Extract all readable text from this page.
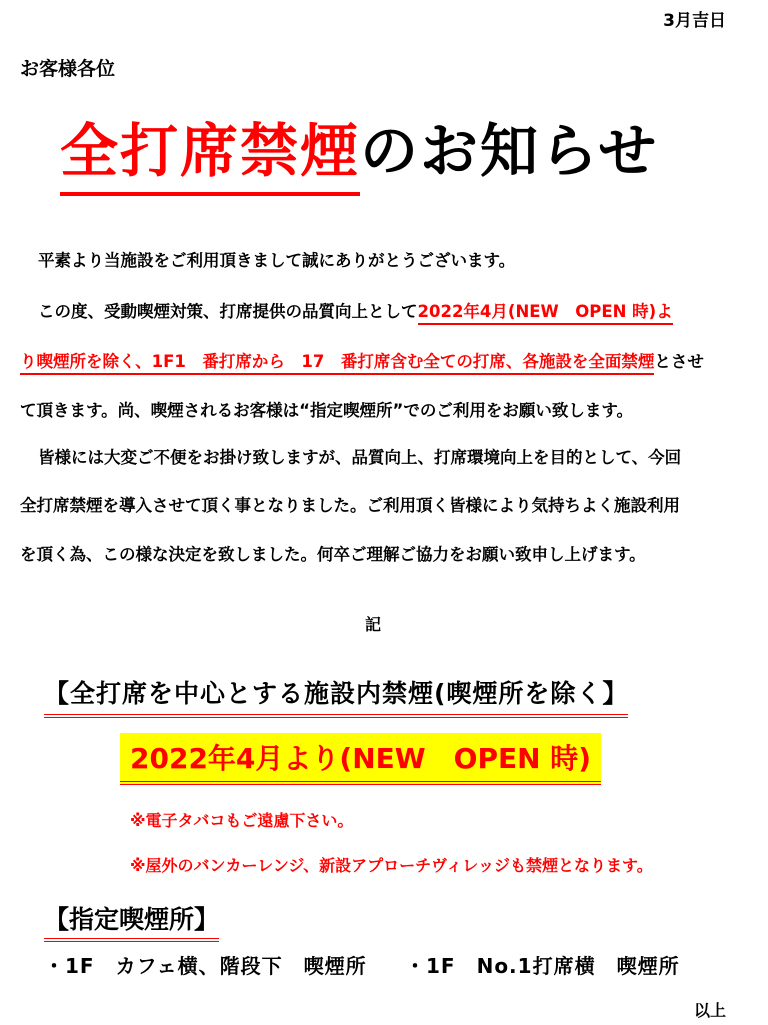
3月吉日
お客様各位
全打席禁煙のお知らせ
平素より当施設をご利用頂きまして誠にありがとうございます。
この度、受動喫煙対策、打席提供の品質向上として2022年4月(NEW　OPEN 時)よ
り喫煙所を除く、1F1　番打席から　17　番打席含む全ての打席、各施設を全面禁煙とさせ
て頂きます。尚、喫煙されるお客様は“指定喫煙所”でのご利用をお願い致します。
皆様には大変ご不便をお掛け致しますが、品質向上、打席環境向上を目的として、今回
全打席禁煙を導入させて頂く事となりました。ご利用頂く皆様により気持ちよく施設利用
を頂く為、この様な決定を致しました。何卒ご理解ご協力をお願い致申し上げます。
記
【全打席を中心とする施設内禁煙(喫煙所を除く】
2022年4月より(NEW　OPEN 時)
※電子タバコもご遠慮下さい。
※屋外のバンカーレンジ、新設アプローチヴィレッジも禁煙となります。
【指定喫煙所】
・1F　カフェ横、階段下　喫煙所 ・1F　No.1打席横　喫煙所
以上
